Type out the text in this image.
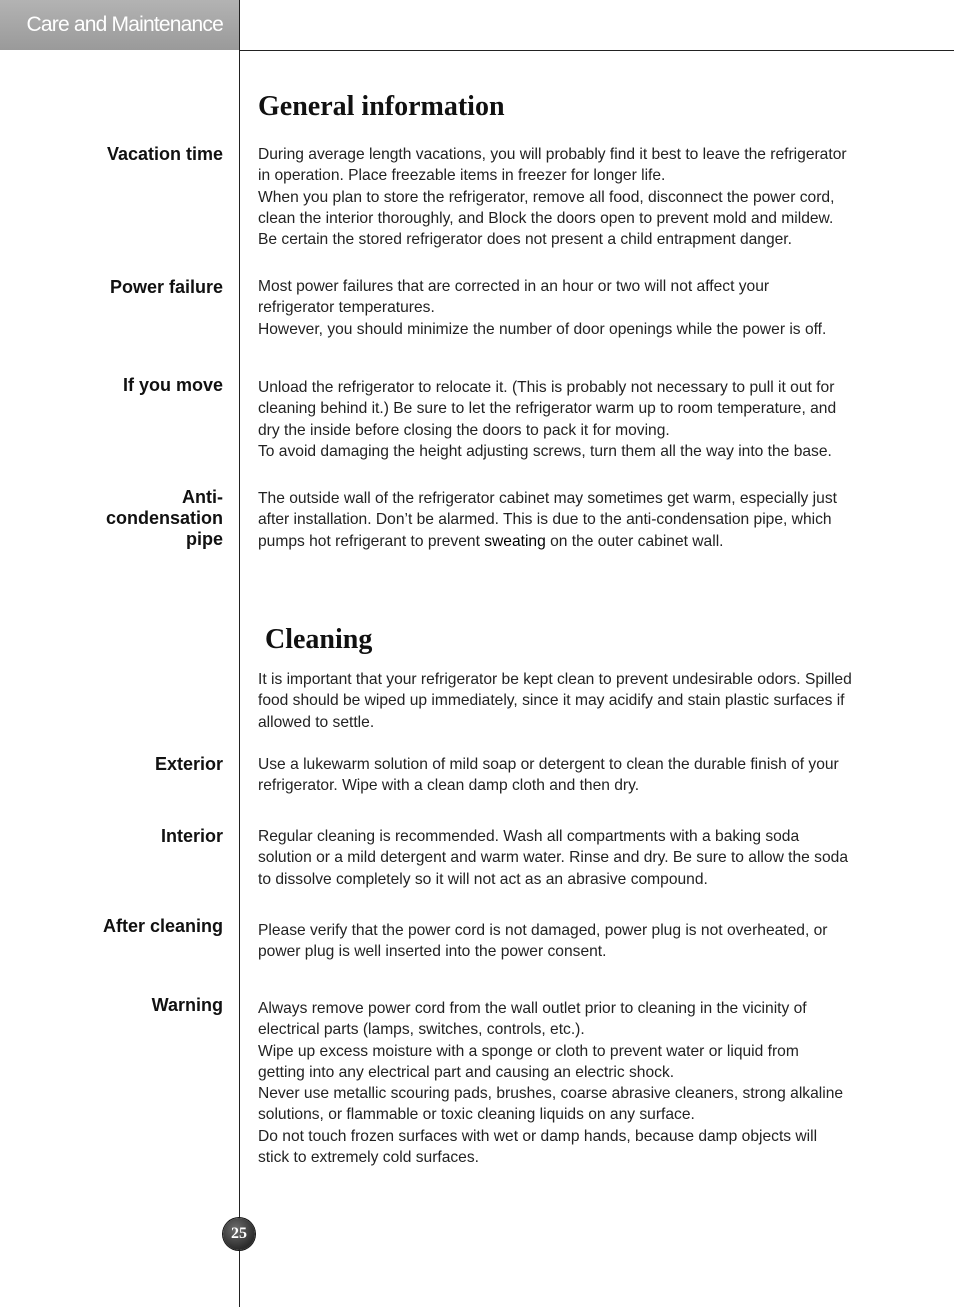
Care and Maintenance
General information
Vacation time During average length vacations, you will probably find it best to leave the refrigerator
in operation. Place freezable items in freezer for longer life.
When you plan to store the refrigerator, remove all food, disconnect the power cord,
clean the interior thoroughly, and Block the doors open to prevent mold and mildew.
Be certain the stored refrigerator does not present a child entrapment danger.

Power failure Most power failures that are corrected in an hour or two will not affect your
refrigerator temperatures.
However, you should minimize the number of door openings while the power is off.

If you move Unload the refrigerator to relocate it. (This is probably not necessary to pull it out for
cleaning behind it.) Be sure to let the refrigerator warm up to room temperature, and
dry the inside before closing the doors to pack it for moving.
To avoid damaging the height adjusting screws, turn them all the way into the base.

Anti-
condensation
pipe

The outside wall of the refrigerator cabinet may sometimes get warm, especially just
after installation. Don’t be alarmed. This is due to the anti-condensation pipe, which
pumps hot refrigerant to prevent sweating on the outer cabinet wall.

Cleaning

It is important that your refrigerator be kept clean to prevent undesirable odors. Spilled
food should be wiped up immediately, since it may acidify and stain plastic surfaces if
allowed to settle.

Exterior Use a lukewarm solution of mild soap or detergent to clean the durable finish of your
refrigerator. Wipe with a clean damp cloth and then dry.

Interior Regular cleaning is recommended. Wash all compartments with a baking soda
solution or a mild detergent and warm water. Rinse and dry. Be sure to allow the soda
to dissolve completely so it will not act as an abrasive compound.

After cleaning Please verify that the power cord is not damaged, power plug is not overheated, or
power plug is well inserted into the power consent.

Warning Always remove power cord from the wall outlet prior to cleaning in the vicinity of
electrical parts (lamps, switches, controls, etc.).
Wipe up excess moisture with a sponge or cloth to prevent water or liquid from
getting into any electrical part and causing an electric shock.
Never use metallic scouring pads, brushes, coarse abrasive cleaners, strong alkaline
solutions, or flammable or toxic cleaning liquids on any surface.
Do not touch frozen surfaces with wet or damp hands, because damp objects will
stick to extremely cold surfaces.

25
